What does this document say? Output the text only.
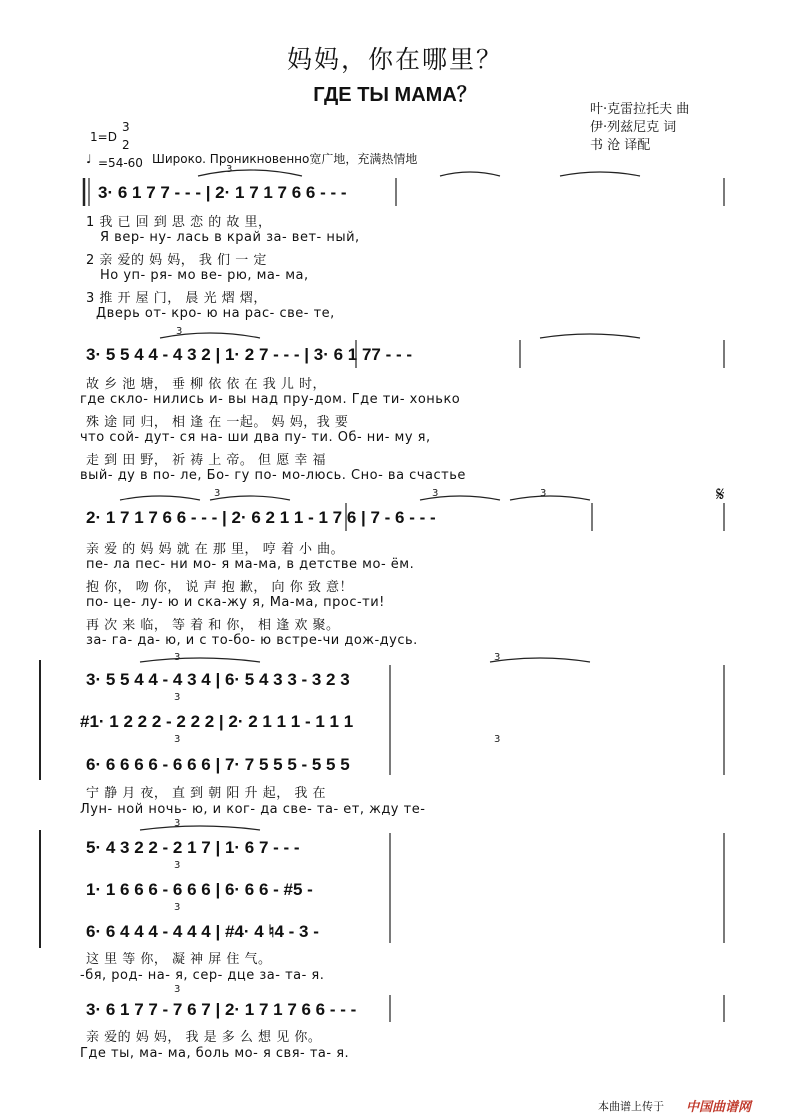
妈妈，你在哪里？
ГДЕ ТЫ МАМА？
叶·克雷拉托夫 曲
伊·列兹尼克 词
书 沧 译配
1=D
3
2
♩ =54-60 Широко. Проникновенно宽广地，充满热情地
3· 6 1 7 7 - - - | 2· 1 7 1 7 6 6 - - -
1 我 已 回 到 思 恋 的 故 里，
Я вер- ну- лась в край за- вет- ный,
2 亲 爱的 妈 妈， 我 们 一 定
Но уп- ря- мо ве- рю, ма- ма,
3 推 开 屋 门， 晨 光 熠 熠，
Дверь от- кро- ю на рас- све- те,
3· 5 5 4 4 - 4 3 2 | 1· 2 7 - - - | 3· 6 1 77 - - -
故 乡 池 塘， 垂 柳 依 依 在 我 儿 时，
где скло- нились и- вы над пру-дом. Где ти- хонько
殊 途 同 归， 相 逢 在 一起。 妈 妈，我 要
что сой- дут- ся на- ши два пу- ти. Об- ни- му я,
走 到 田 野， 祈 祷 上 帝。 但 愿 幸 福
вый- ду в по- ле, Бо- гу по- мо-люсь. Сно- ва счастье
2· 1 7 1 7 6 6 - - - | 2· 6 2 1 1 - 1 7 6 | 7 - 6 - - -
𝄋
亲 爱 的 妈 妈 就 在 那 里， 哼 着 小 曲。
пе- ла пес- ни мо- я ма-ма, в детстве мо- ём.
抱 你， 吻 你， 说 声 抱 歉， 向 你 致 意！
по- це- лу- ю и ска-жу я, Ма-ма, прос-ти!
再 次 来 临， 等 着 和 你， 相 逢 欢 聚。
за- га- да- ю, и с то-бо- ю встре-чи дож-дусь.
3· 5 5 4 4 - 4 3 4 | 6· 5 4 3 3 - 3 2 3
#1· 1 2 2 2 - 2 2 2 | 2· 2 1 1 1 - 1 1 1
6· 6 6 6 6 - 6 6 6 | 7· 7 5 5 5 - 5 5 5
宁 静 月 夜， 直 到 朝 阳 升 起， 我 在
Лун- ной ночь- ю, и ког- да све- та- ет, жду те-
5· 4 3 2 2 - 2 1 7 | 1· 6 7 - - -
1· 1 6 6 6 - 6 6 6 | 6· 6 6 - #5 -
6· 6 4 4 4 - 4 4 4 | #4· 4 ♮4 - 3 -
这 里 等 你， 凝 神 屏 住 气。
-бя, род- на- я, сер- дце за- та- я.
3· 6 1 7 7 - 7 6 7 | 2· 1 7 1 7 6 6 - - -
亲 爱的 妈 妈， 我 是 多 么 想 见 你。
Где ты, ма- ма, боль мо- я свя- та- я.
3
3
3	3	3
3	3
3
3	3
3
3
3
3
本曲谱上传于 中国曲谱网
